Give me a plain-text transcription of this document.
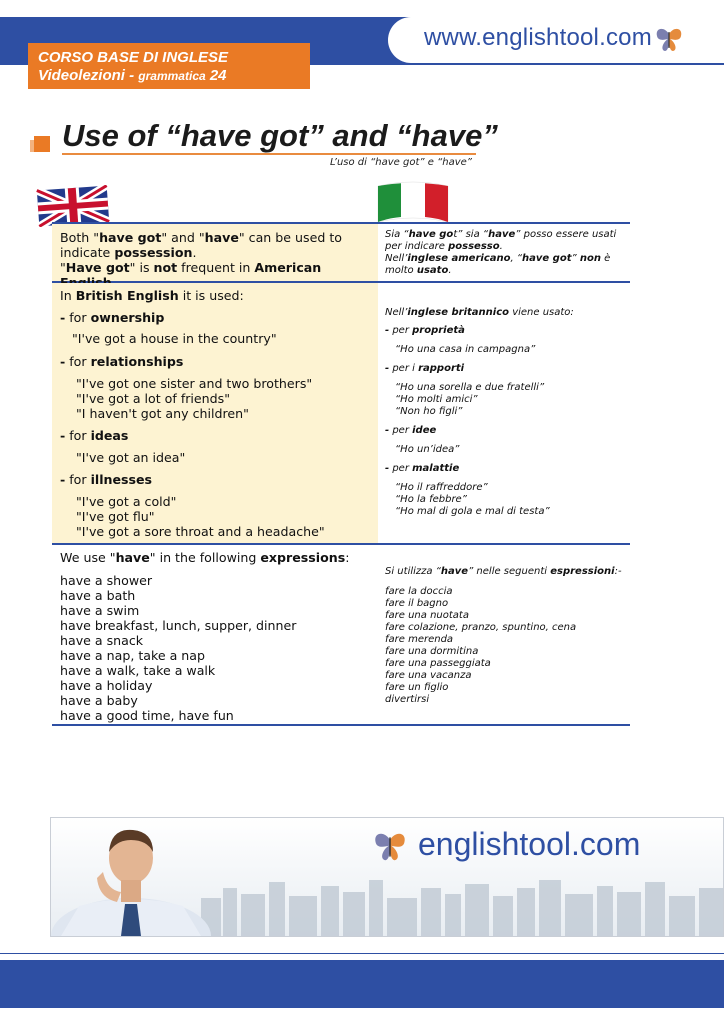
www.englishtool.com
CORSO BASE DI INGLESE
Videolezioni - grammatica 24
Use of “have got” and “have”
L’uso di “have got” e “have”
Both "have got" and "have" can be used to indicate possession.
"Have got" is not frequent in American
Sia “have got” sia “have” posso essere usati per indicare possesso.
Nell’inglese americano, “have got” non è molto usato.
In British English it is used:
- for ownership
"I've got a house in the country"
- for relationships
"I've got one sister and two brothers"
"I've got a lot of friends"
"I haven't got any children"
- for ideas
"I've got an idea"
- for illnesses
"I've got a cold"
"I've got flu"
"I've got a sore throat and a headache"
Nell’inglese britannico viene usato:
- per proprietà
“Ho una casa in campagna”
- per i rapporti
“Ho una sorella e due fratelli”
“Ho molti amici”
“Non ho figli”
- per idee
“Ho un’idea”
- per malattie
“Ho il raffreddore”
“Ho la febbre”
“Ho mal di gola e mal di testa”
We use "have" in the following expressions:
have a shower
have a bath
have a swim
have breakfast, lunch, supper, dinner
have a snack
have a nap, take a nap
have a walk, take a walk
have a holiday
have a baby
have a good time, have fun
Si utilizza “have” nelle seguenti espressioni:-
fare la doccia
fare il bagno
fare una nuotata
fare colazione, pranzo, spuntino, cena
fare merenda
fare una dormitina
fare una passeggiata
fare una vacanza
fare un figlio
divertirsi
englishtool.com
